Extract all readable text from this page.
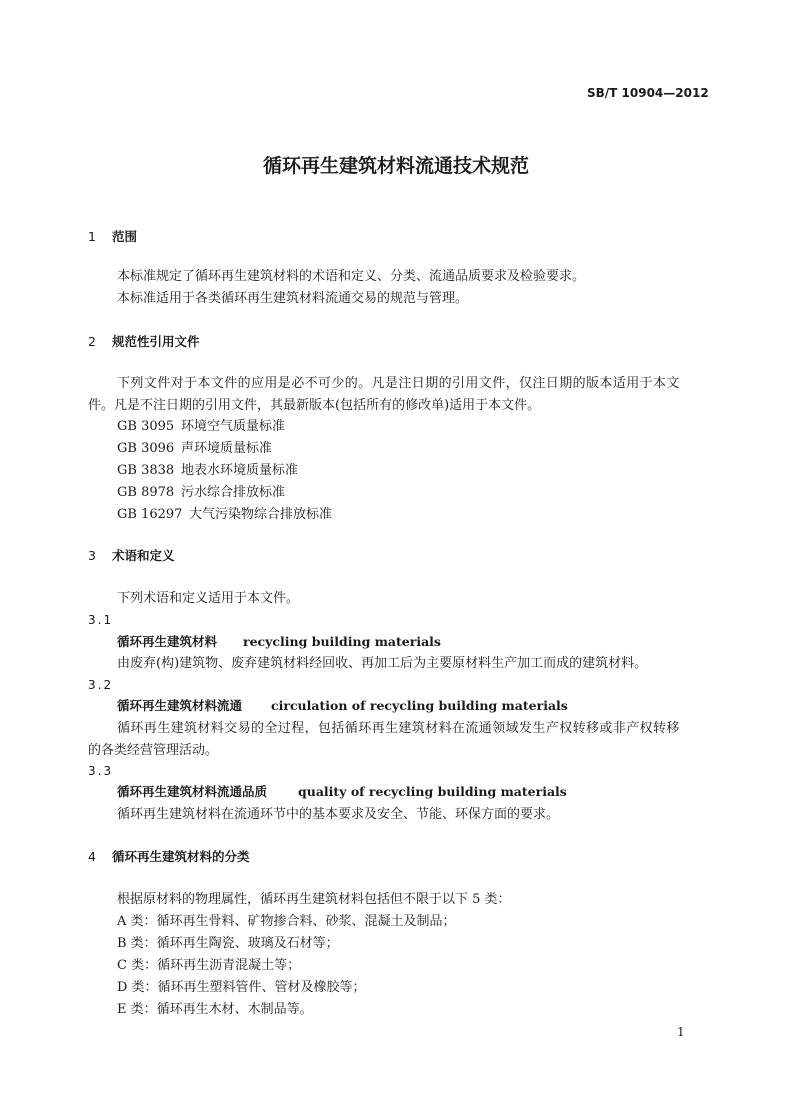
SB/T 10904—2012
循环再生建筑材料流通技术规范
1 范围
本标准规定了循环再生建筑材料的术语和定义、分类、流通品质要求及检验要求。
本标准适用于各类循环再生建筑材料流通交易的规范与管理。
2 规范性引用文件
下列文件对于本文件的应用是必不可少的。凡是注日期的引用文件，仅注日期的版本适用于本文
件。凡是不注日期的引用文件，其最新版本(包括所有的修改单)适用于本文件。
GB 3095 环境空气质量标准
GB 3096 声环境质量标准
GB 3838 地表水环境质量标准
GB 8978 污水综合排放标准
GB 16297 大气污染物综合排放标准
3 术语和定义
下列术语和定义适用于本文件。
3.1
循环再生建筑材料 recycling building materials
由废弃(构)建筑物、废弃建筑材料经回收、再加工后为主要原材料生产加工而成的建筑材料。
3.2
循环再生建筑材料流通 circulation of recycling building materials
循环再生建筑材料交易的全过程，包括循环再生建筑材料在流通领域发生产权转移或非产权转移
的各类经营管理活动。
3.3
循环再生建筑材料流通品质 quality of recycling building materials
循环再生建筑材料在流通环节中的基本要求及安全、节能、环保方面的要求。
4 循环再生建筑材料的分类
根据原材料的物理属性，循环再生建筑材料包括但不限于以下 5 类：
A 类：循环再生骨料、矿物掺合料、砂浆、混凝土及制品；
B 类：循环再生陶瓷、玻璃及石材等；
C 类：循环再生沥青混凝土等；
D 类：循环再生塑料管件、管材及橡胶等；
E 类：循环再生木材、木制品等。
1
